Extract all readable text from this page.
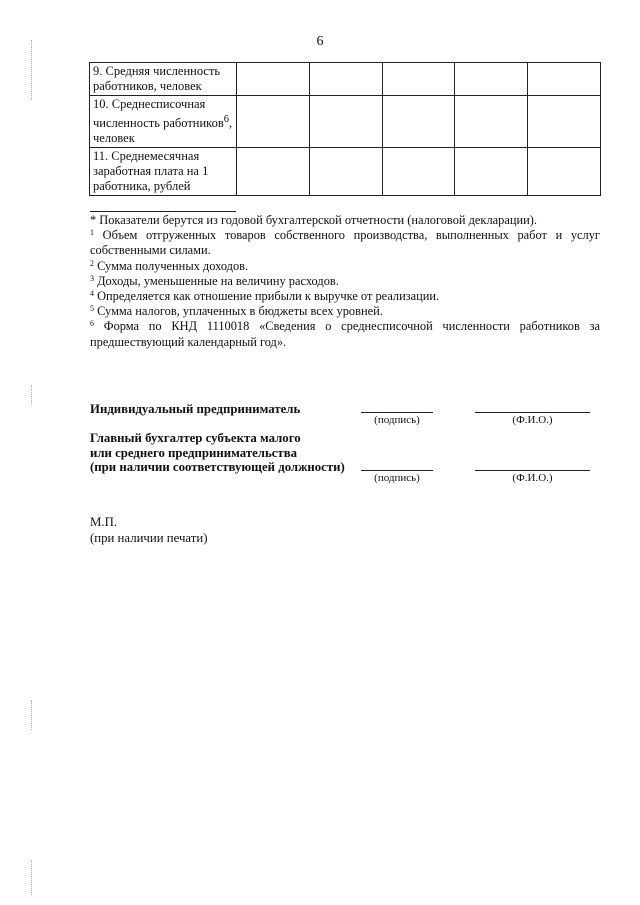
6
9. Средняя численность работников, человек					
10. Среднесписочная численность работников$^6$, человек					
11. Среднемесячная заработная плата на 1 работника, рублей					

* Показатели берутся из годовой бухгалтерской отчетности (налоговой декларации).

$^1$ Объем отгруженных товаров собственного производства, выполненных работ и услуг собственными силами.

$^2$ Сумма полученных доходов.

$^3$ Доходы, уменьшенные на величину расходов.

$^4$ Определяется как отношение прибыли к выручке от реализации.

$^5$ Сумма налогов, уплаченных в бюджеты всех уровней.

$^6$ Форма по КНД 1110018 «Сведения о среднесписочной численности работников за предшествующий календарный год».

Индивидуальный предприниматель
(подпись)	(Ф.И.О.)
Главный бухгалтер субъекта малого
или среднего предпринимательства
(при наличии соответствующей должности)
(подпись)	(Ф.И.О.)
М.П.
(при наличии печати)
